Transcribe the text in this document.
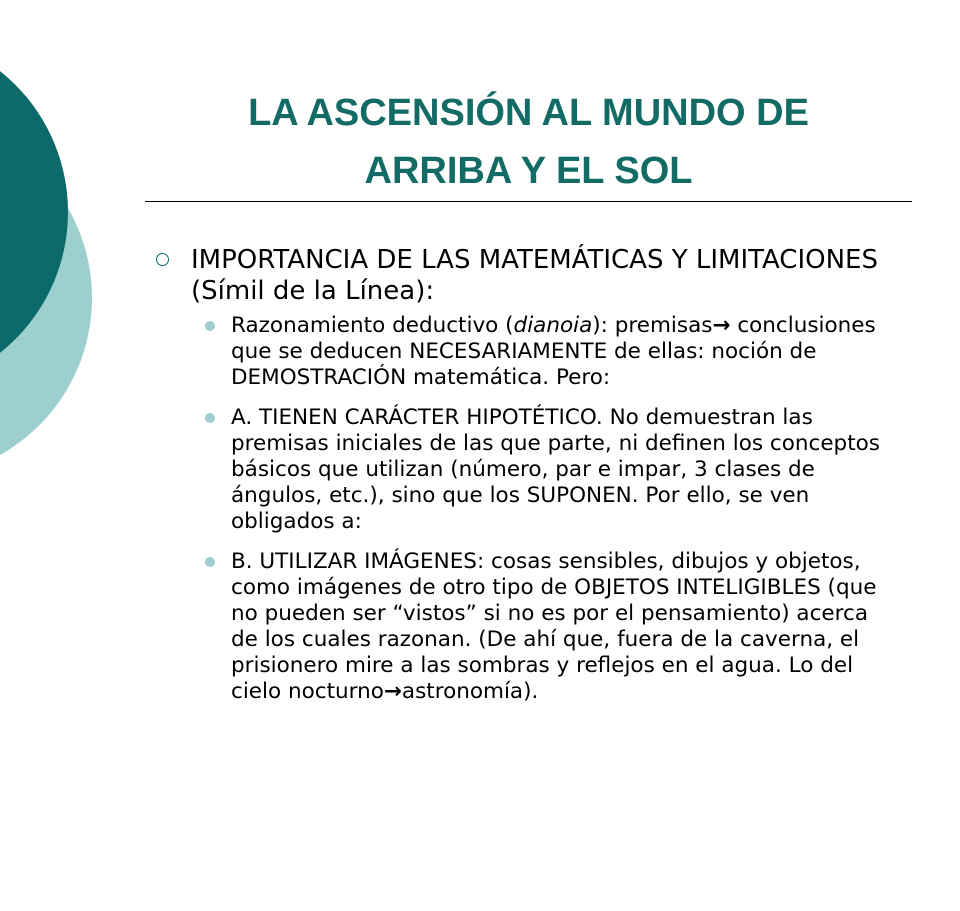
LA ASCENSIÓN AL MUNDO DE
ARRIBA Y EL SOL
IMPORTANCIA DE LAS MATEMÁTICAS Y LIMITACIONES (Símil de la Línea):
Razonamiento deductivo (dianoia): premisas→ conclusiones que se deducen NECESARIAMENTE de ellas: noción de DEMOSTRACIÓN matemática. Pero:
A. TIENEN CARÁCTER HIPOTÉTICO. No demuestran las premisas iniciales de las que parte, ni definen los conceptos básicos que utilizan (número, par e impar, 3 clases de ángulos, etc.), sino que los SUPONEN. Por ello, se ven obligados a:
B. UTILIZAR IMÁGENES: cosas sensibles, dibujos y objetos, como imágenes de otro tipo de OBJETOS INTELIGIBLES (que no pueden ser “vistos” si no es por el pensamiento) acerca de los cuales razonan. (De ahí que, fuera de la caverna, el prisionero mire a las sombras y reflejos en el agua. Lo del cielo nocturno→astronomía).
